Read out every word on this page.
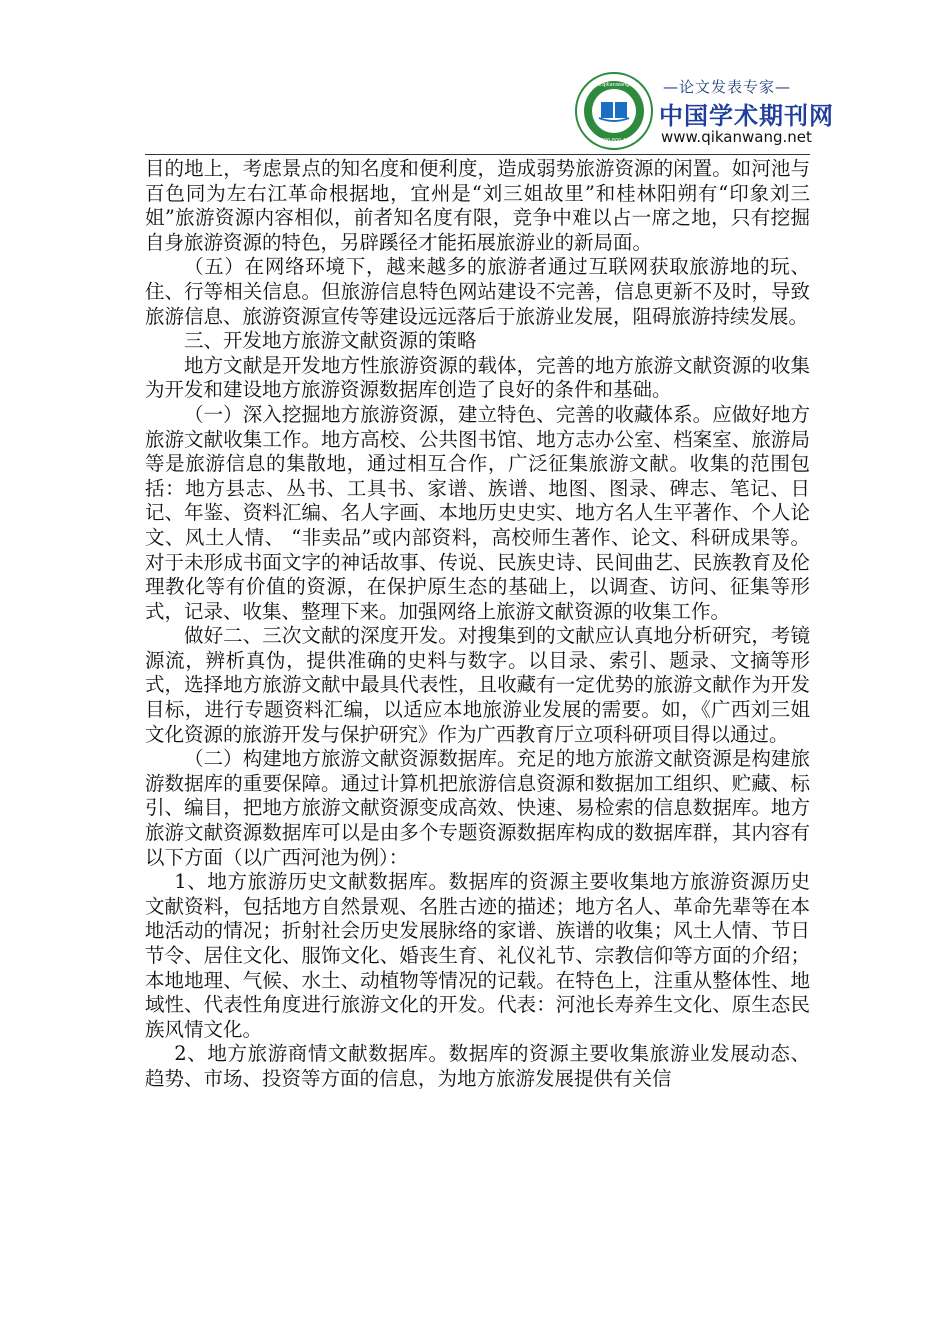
www.qikanwang.net
Tel:400-800-1920
—论文发表专家—
中国学术期刊网
www.qikanwang.net

目的地上，考虑景点的知名度和便利度，造成弱势旅游资源的闲置。如河池与百色同为左右江革命根据地，宜州是“刘三姐故里”和桂林阳朔有“印象刘三姐”旅游资源内容相似，前者知名度有限，竞争中难以占一席之地，只有挖掘自身旅游资源的特色，另辟蹊径才能拓展旅游业的新局面。

（五）在网络环境下，越来越多的旅游者通过互联网获取旅游地的玩、住、行等相关信息。但旅游信息特色网站建设不完善，信息更新不及时，导致旅游信息、旅游资源宣传等建设远远落后于旅游业发展，阻碍旅游持续发展。

三、开发地方旅游文献资源的策略

地方文献是开发地方性旅游资源的载体，完善的地方旅游文献资源的收集为开发和建设地方旅游资源数据库创造了良好的条件和基础。

（一）深入挖掘地方旅游资源，建立特色、完善的收藏体系。应做好地方旅游文献收集工作。地方高校、公共图书馆、地方志办公室、档案室、旅游局等是旅游信息的集散地，通过相互合作，广泛征集旅游文献。收集的范围包括：地方县志、丛书、工具书、家谱、族谱、地图、图录、碑志、笔记、日记、年鉴、资料汇编、名人字画、本地历史史实、地方名人生平著作、个人论文、风土人情、 “非卖品”或内部资料，高校师生著作、论文、科研成果等。对于未形成书面文字的神话故事、传说、民族史诗、民间曲艺、民族教育及伦理教化等有价值的资源，在保护原生态的基础上，以调查、访问、征集等形式，记录、收集、整理下来。加强网络上旅游文献资源的收集工作。

做好二、三次文献的深度开发。对搜集到的文献应认真地分析研究，考镜源流，辨析真伪，提供准确的史料与数字。以目录、索引、题录、文摘等形式，选择地方旅游文献中最具代表性，且收藏有一定优势的旅游文献作为开发目标，进行专题资料汇编，以适应本地旅游业发展的需要。如，《广西刘三姐文化资源的旅游开发与保护研究》作为广西教育厅立项科研项目得以通过。

（二）构建地方旅游文献资源数据库。充足的地方旅游文献资源是构建旅游数据库的重要保障。通过计算机把旅游信息资源和数据加工组织、贮藏、标引、编目，把地方旅游文献资源变成高效、快速、易检索的信息数据库。地方旅游文献资源数据库可以是由多个专题资源数据库构成的数据库群，其内容有以下方面（以广西河池为例）：

1、地方旅游历史文献数据库。数据库的资源主要收集地方旅游资源历史文献资料，包括地方自然景观、名胜古迹的描述；地方名人、革命先辈等在本地活动的情况；折射社会历史发展脉络的家谱、族谱的收集；风土人情、节日节令、居住文化、服饰文化、婚丧生育、礼仪礼节、宗教信仰等方面的介绍；本地地理、气候、水土、动植物等情况的记载。在特色上，注重从整体性、地域性、代表性角度进行旅游文化的开发。代表：河池长寿养生文化、原生态民族风情文化。

2、地方旅游商情文献数据库。数据库的资源主要收集旅游业发展动态、趋势、市场、投资等方面的信息，为地方旅游发展提供有关信
